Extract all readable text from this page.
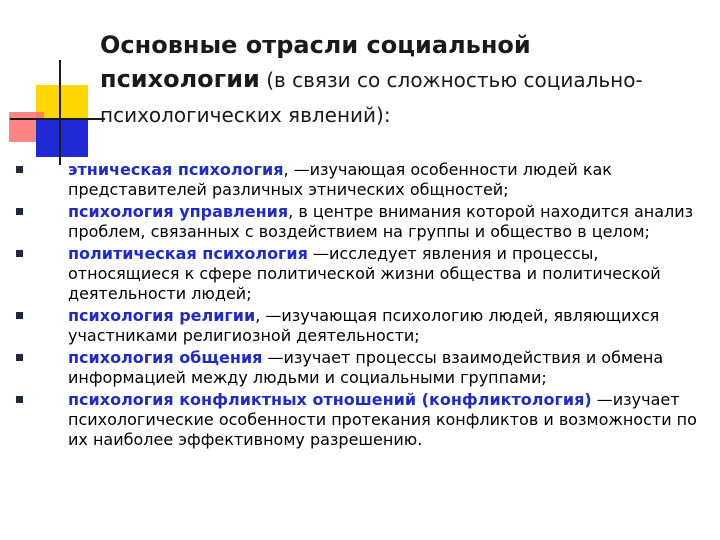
Основные отрасли социальной
психологии (в связи со сложностью социально-
психологических явлений):
этническая психология, —изучающая особенности людей как представителей различных этнических общностей;
психология управления, в центре внимания которой находится анализ проблем, связанных с воздействием на группы и общество в целом;
политическая психология —исследует явления и процессы, относящиеся к сфере политической жизни общества и политической деятельности людей;
психология религии, —изучающая психологию людей, являющихся участниками религиозной деятельности;
психология общения —изучает процессы взаимодействия и обмена информацией между людьми и социальными группами;
психология конфликтных отношений (конфликтология) —изучает психологические особенности протекания конфликтов и возможности по их наиболее эффективному разрешению.
